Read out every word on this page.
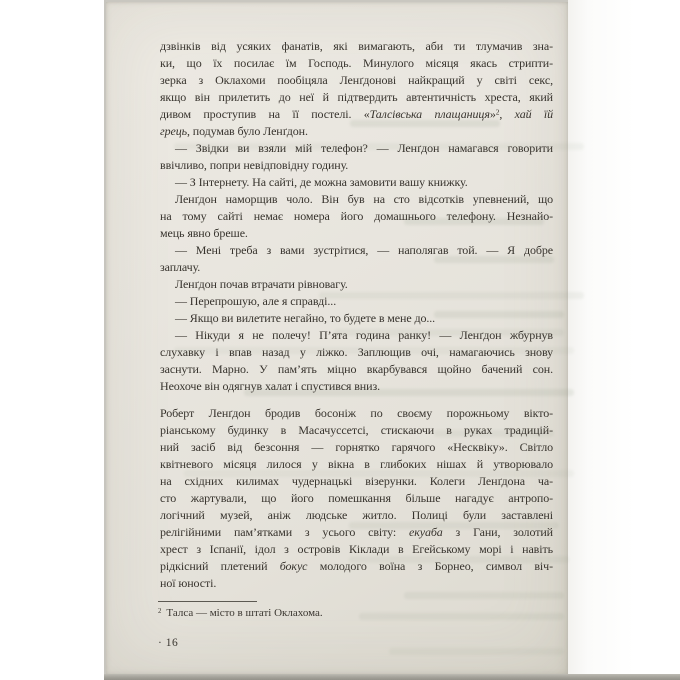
дзвінків від усяких фанатів, які вимагають, аби ти тлумачив зна-
ки, що їх посилає їм Господь. Минулого місяця якась стрипти-
зерка з Оклахоми пообіцяла Ленґдонові найкращий у світі секс,
якщо він прилетить до неї й підтвердить автентичність хреста, який
дивом проступив на її постелі. «Талсівська плащаниця»$^2$, хай їй
грець, подумав було Ленґдон.
— Звідки ви взяли мій телефон? — Ленґдон намагався говорити
ввічливо, попри невідповідну годину.
— З Інтернету. На сайті, де можна замовити вашу книжку.
Ленґдон наморщив чоло. Він був на сто відсотків упевнений, що
на тому сайті немає номера його домашнього телефону. Незнайо-
мець явно бреше.
— Мені треба з вами зустрітися, — наполягав той. — Я добре
заплачу.
Ленґдон почав втрачати рівновагу.
— Перепрошую, але я справді...
— Якщо ви вилетите негайно, то будете в мене до...
— Нікуди я не полечу! П’ята година ранку! — Ленґдон жбурнув
слухавку і впав назад у ліжко. Заплющив очі, намагаючись знову
заснути. Марно. У пам’ять міцно вкарбувався щойно бачений сон.
Неохоче він одягнув халат і спустився вниз.
Роберт Ленґдон бродив босоніж по своєму порожньому вікто-
ріанському будинку в Масачуссетсі, стискаючи в руках традицій-
ний засіб від безсоння — горнятко гарячого «Несквіку». Світло
квітневого місяця лилося у вікна в глибоких нішах й утворювало
на східних килимах чудернацькі візерунки. Колеги Ленґдона ча-
сто жартували, що його помешкання більше нагадує антропо-
логічний музей, аніж людське житло. Полиці були заставлені
релігійними пам’ятками з усього світу: екуаба з Гани, золотий
хрест з Іспанії, ідол з островів Кіклади в Егейському морі і навіть
рідкісний плетений бокус молодого воїна з Борнео, символ віч-
ної юності.
$^2$ Талса — місто в штаті Оклахома.
· 16
